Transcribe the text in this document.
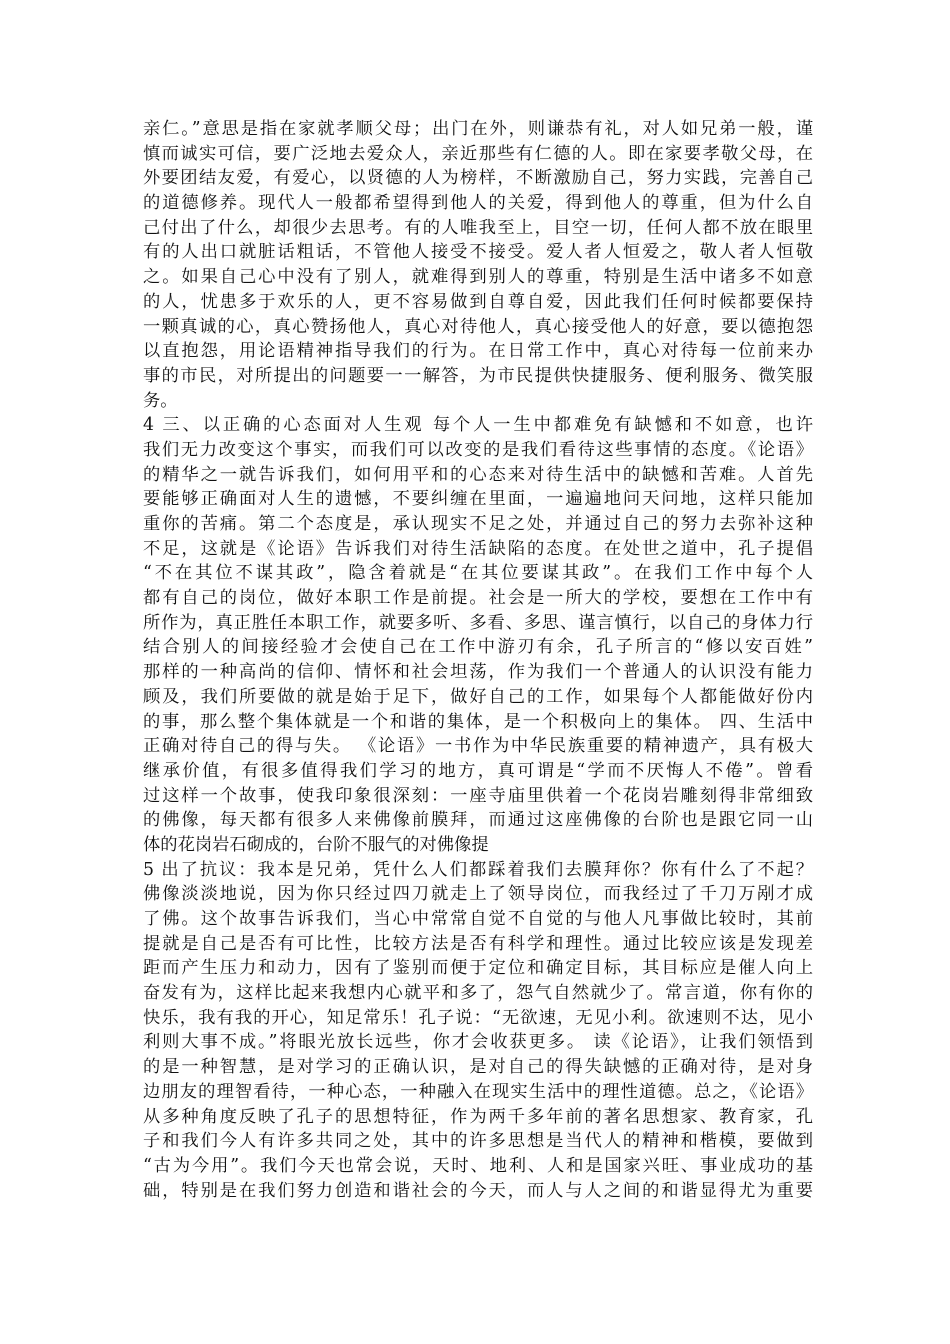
亲仁。”意思是指在家就孝顺父母；出门在外，则谦恭有礼，对人如兄弟一般，谨
慎而诚实可信，要广泛地去爱众人，亲近那些有仁德的人。即在家要孝敬父母，在
外要团结友爱，有爱心，以贤德的人为榜样，不断激励自己，努力实践，完善自己
的道德修养。现代人一般都希望得到他人的关爱，得到他人的尊重，但为什么自
己付出了什么，却很少去思考。有的人唯我至上，目空一切，任何人都不放在眼里
有的人出口就脏话粗话，不管他人接受不接受。爱人者人恒爱之，敬人者人恒敬
之。如果自己心中没有了别人，就难得到别人的尊重，特别是生活中诸多不如意
的人，忧患多于欢乐的人，更不容易做到自尊自爱，因此我们任何时候都要保持
一颗真诚的心，真心赞扬他人，真心对待他人，真心接受他人的好意，要以德抱怨
以直抱怨，用论语精神指导我们的行为。在日常工作中，真心对待每一位前来办
事的市民，对所提出的问题要一一解答，为市民提供快捷服务、便利服务、微笑服
务。
4 三、以正确的心态面对人生观 每个人一生中都难免有缺憾和不如意，也许
我们无力改变这个事实，而我们可以改变的是我们看待这些事情的态度。《论语》
的精华之一就告诉我们，如何用平和的心态来对待生活中的缺憾和苦难。人首先
要能够正确面对人生的遗憾，不要纠缠在里面，一遍遍地问天问地，这样只能加
重你的苦痛。第二个态度是，承认现实不足之处，并通过自己的努力去弥补这种
不足，这就是《论语》告诉我们对待生活缺陷的态度。在处世之道中，孔子提倡
“不在其位不谋其政”，隐含着就是“在其位要谋其政”。在我们工作中每个人
都有自己的岗位，做好本职工作是前提。社会是一所大的学校，要想在工作中有
所作为，真正胜任本职工作，就要多听、多看、多思、谨言慎行，以自己的身体力行
结合别人的间接经验才会使自己在工作中游刃有余，孔子所言的“修以安百姓”
那样的一种高尚的信仰、情怀和社会坦荡，作为我们一个普通人的认识没有能力
顾及，我们所要做的就是始于足下，做好自己的工作，如果每个人都能做好份内
的事，那么整个集体就是一个和谐的集体，是一个积极向上的集体。 四、生活中
正确对待自己的得与失。 《论语》一书作为中华民族重要的精神遗产，具有极大
继承价值，有很多值得我们学习的地方，真可谓是“学而不厌悔人不倦”。曾看
过这样一个故事，使我印象很深刻：一座寺庙里供着一个花岗岩雕刻得非常细致
的佛像，每天都有很多人来佛像前膜拜，而通过这座佛像的台阶也是跟它同一山
体的花岗岩石砌成的，台阶不服气的对佛像提
5 出了抗议：我本是兄弟，凭什么人们都踩着我们去膜拜你？你有什么了不起？
佛像淡淡地说，因为你只经过四刀就走上了领导岗位，而我经过了千刀万剐才成
了佛。这个故事告诉我们，当心中常常自觉不自觉的与他人凡事做比较时，其前
提就是自己是否有可比性，比较方法是否有科学和理性。通过比较应该是发现差
距而产生压力和动力，因有了鉴别而便于定位和确定目标，其目标应是催人向上
奋发有为，这样比起来我想内心就平和多了，怨气自然就少了。常言道，你有你的
快乐，我有我的开心，知足常乐！孔子说：“无欲速，无见小利。欲速则不达，见小
利则大事不成。”将眼光放长远些，你才会收获更多。 读《论语》，让我们领悟到
的是一种智慧，是对学习的正确认识，是对自己的得失缺憾的正确对待，是对身
边朋友的理智看待，一种心态，一种融入在现实生活中的理性道德。总之，《论语》
从多种角度反映了孔子的思想特征，作为两千多年前的著名思想家、教育家，孔
子和我们今人有许多共同之处，其中的许多思想是当代人的精神和楷模，要做到
“古为今用”。我们今天也常会说，天时、地利、人和是国家兴旺、事业成功的基
础，特别是在我们努力创造和谐社会的今天，而人与人之间的和谐显得尤为重要
